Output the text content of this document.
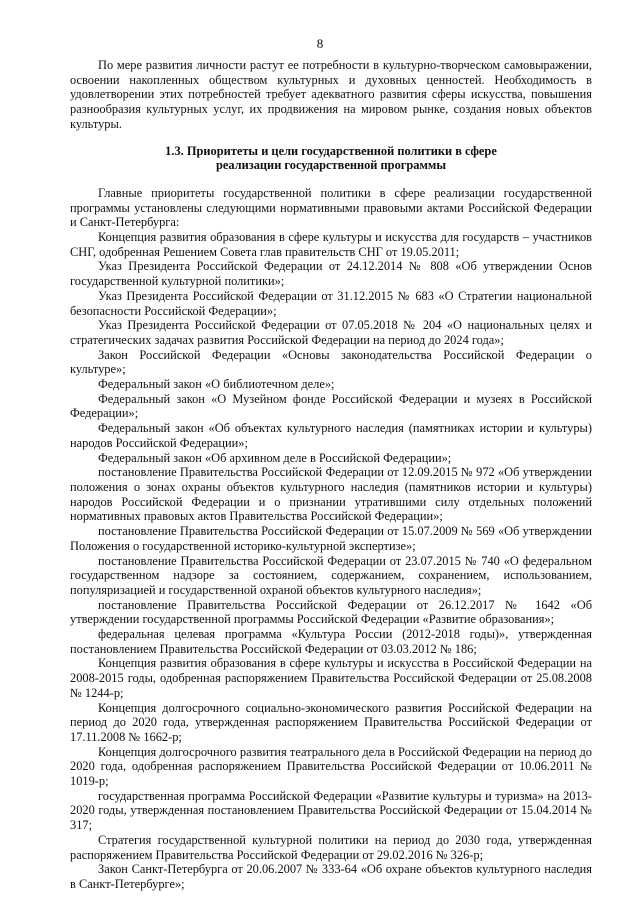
8

По мере развития личности растут ее потребности в культурно-творческом самовыражении, освоении накопленных обществом культурных и духовных ценностей. Необходимость в удовлетворении этих потребностей требует адекватного развития сферы искусства, повышения разнообразия культурных услуг, их продвижения на мировом рынке, создания новых объектов культуры.

1.3. Приоритеты и цели государственной политики в сфере
реализации государственной программы

Главные приоритеты государственной политики в сфере реализации государственной программы установлены следующими нормативными правовыми актами Российской Федерации и Санкт-Петербурга:

Концепция развития образования в сфере культуры и искусства для государств – участников СНГ, одобренная Решением Совета глав правительств СНГ от 19.05.2011;

Указ Президента Российской Федерации от 24.12.2014 № 808 «Об утверждении Основ государственной культурной политики»;

Указ Президента Российской Федерации от 31.12.2015 № 683 «О Стратегии национальной безопасности Российской Федерации»;

Указ Президента Российской Федерации от 07.05.2018 № 204 «О национальных целях и стратегических задачах развития Российской Федерации на период до 2024 года»;

Закон Российской Федерации «Основы законодательства Российской Федерации о культуре»;

Федеральный закон «О библиотечном деле»;

Федеральный закон «О Музейном фонде Российской Федерации и музеях в Российской Федерации»;

Федеральный закон «Об объектах культурного наследия (памятниках истории и культуры) народов Российской Федерации»;

Федеральный закон «Об архивном деле в Российской Федерации»;

постановление Правительства Российской Федерации от 12.09.2015 № 972 «Об утверждении положения о зонах охраны объектов культурного наследия (памятников истории и культуры) народов Российской Федерации и о признании утратившими силу отдельных положений нормативных правовых актов Правительства Российской Федерации»;

постановление Правительства Российской Федерации от 15.07.2009 № 569 «Об утверждении Положения о государственной историко-культурной экспертизе»;

постановление Правительства Российской Федерации от 23.07.2015 № 740 «О федеральном государственном надзоре за состоянием, содержанием, сохранением, использованием, популяризацией и государственной охраной объектов культурного наследия»;

постановление Правительства Российской Федерации от 26.12.2017 № 1642 «Об утверждении государственной программы Российской Федерации «Развитие образования»;

федеральная целевая программа «Культура России (2012-2018 годы)», утвержденная постановлением Правительства Российской Федерации от 03.03.2012 № 186;

Концепция развития образования в сфере культуры и искусства в Российской Федерации на 2008-2015 годы, одобренная распоряжением Правительства Российской Федерации от 25.08.2008 № 1244-р;

Концепция долгосрочного социально-экономического развития Российской Федерации на период до 2020 года, утвержденная распоряжением Правительства Российской Федерации от 17.11.2008 № 1662-р;

Концепция долгосрочного развития театрального дела в Российской Федерации на период до 2020 года, одобренная распоряжением Правительства Российской Федерации от 10.06.2011 № 1019-р;

государственная программа Российской Федерации «Развитие культуры и туризма» на 2013-2020 годы, утвержденная постановлением Правительства Российской Федерации от 15.04.2014 № 317;

Стратегия государственной культурной политики на период до 2030 года, утвержденная распоряжением Правительства Российской Федерации от 29.02.2016 № 326-р;

Закон Санкт-Петербурга от 20.06.2007 № 333-64 «Об охране объектов культурного наследия в Санкт-Петербурге»;
